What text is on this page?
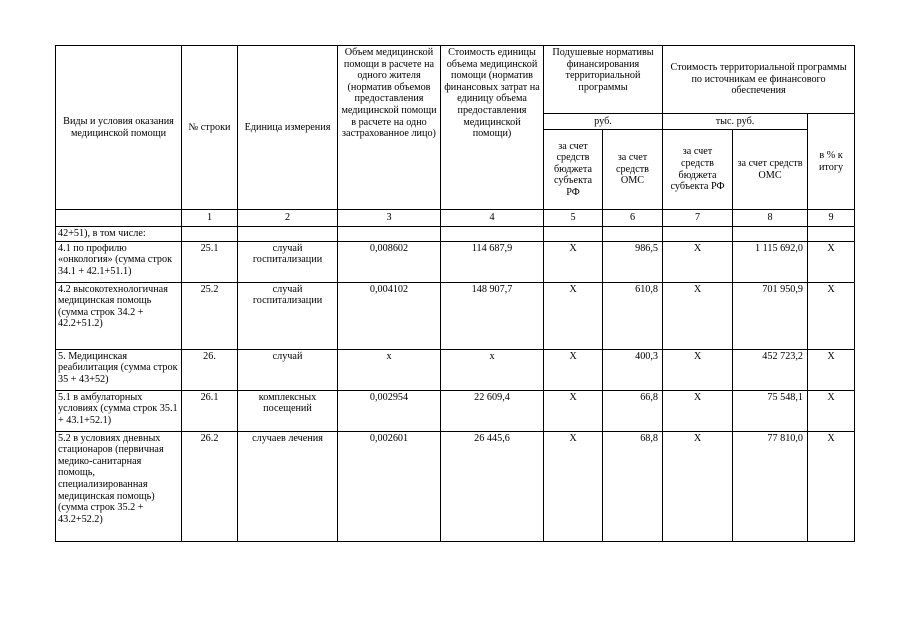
Виды и условия оказания медицинской помощи	№ строки	Единица измерения	Объем медицинской помощи в расчете на одного жителя (норматив объемов предоставления медицинской помощи в расчете на одно застрахованное лицо)	Стоимость единицы объема медицинской помощи (норматив финансовых затрат на единицу объема предоставления медицинской помощи)	Подушевые нормативы финансирования территориальной программы		Стоимость территориальной программы по источникам ее финансового обеспечения		
					руб.		тыс. руб.		в % к итогу
					за счет средств бюджета субъекта РФ	за счет средств ОМС	за счет средств бюджета субъекта РФ	за счет средств ОМС	
	1	2	3	4	5	6	7	8	9
42+51), в том числе:									
4.1 по профилю «онкология» (сумма строк 34.1 + 42.1+51.1)	25.1	случай госпитализации	0,008602	114 687,9	X	986,5	X	1 115 692,0	X
4.2 высокотехнологичная медицинская помощь (сумма строк 34.2 + 42.2+51.2)	25.2	случай госпитализации	0,004102	148 907,7	X	610,8	X	701 950,9	X
5. Медицинская реабилитация (сумма строк 35 + 43+52)	26.	случай	x	x	X	400,3	X	452 723,2	X
5.1 в амбулаторных условиях (сумма строк 35.1 + 43.1+52.1)	26.1	комплексных посещений	0,002954	22 609,4	X	66,8	X	75 548,1	X
5.2 в условиях дневных стационаров (первичная медико-санитарная помощь, специализированная медицинская помощь) (сумма строк 35.2 + 43.2+52.2)	26.2	случаев лечения	0,002601	26 445,6	X	68,8	X	77 810,0	X
